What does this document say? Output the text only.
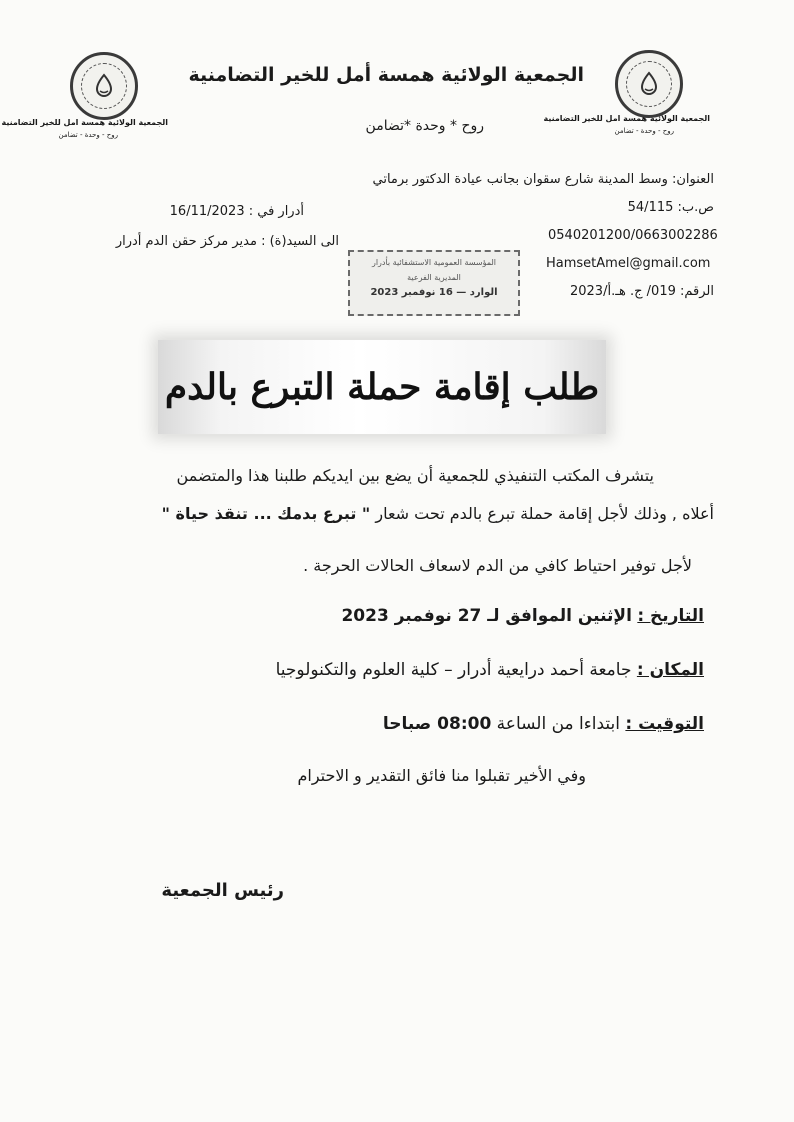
الجمعية الولائية همسة امل للخير التضامنية
روح - وحدة - تضامن
الجمعية الولائية همسة امل للخير التضامنية
روح - وحدة - تضامن
الجمعية الولائية همسة أمل للخير التضامنية
روح * وحدة *تضامن
العنوان: وسط المدينة شارع سقوان بجانب عيادة الدكتور برماتي
ص.ب: 54/115
0540201200/0663002286
HamsetAmel@gmail.com
الرقم: 019/ ج. هـ.أ/2023
أدرار في : 16/11/2023
الى السيد(ة) : مدير مركز حقن الدم أدرار
المؤسسة العمومية الاستشفائية بأدرار
المديرية الفرعية
الوارد — 16 نوفمبر 2023
طلب إقامة حملة التبرع بالدم
يتشرف المكتب التنفيذي للجمعية أن يضع بين ايديكم طلبنا هذا والمتضمن
أعلاه , وذلك لأجل إقامة حملة تبرع بالدم تحت شعار " تبرع بدمك ... تنقذ حياة "
لأجل توفير احتياط كافي من الدم لاسعاف الحالات الحرجة .
التاريخ : الإثنين الموافق لـ 27 نوفمبر 2023
المكان : جامعة أحمد درايعية أدرار – كلية العلوم والتكنولوجيا
التوقيت : ابتداءا من الساعة 08:00 صباحا
وفي الأخير تقبلوا منا فائق التقدير و الاحترام
رئيس الجمعية
